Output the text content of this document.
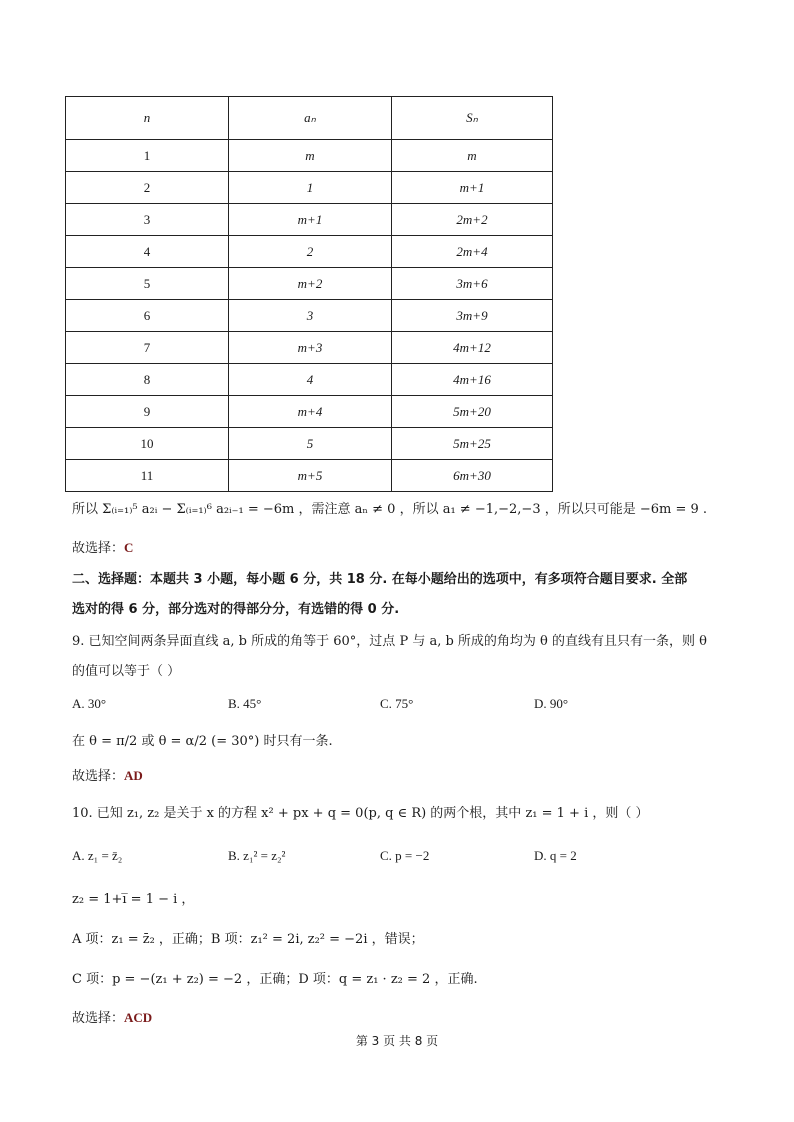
n	aₙ	Sₙ
1	m	m
2	1	m+1
3	m+1	2m+2
4	2	2m+4
5	m+2	3m+6
6	3	3m+9
7	m+3	4m+12
8	4	4m+16
9	m+4	5m+20
10	5	5m+25
11	m+5	6m+30
所以 Σ₍ᵢ₌₁₎⁵ a₂ᵢ − Σ₍ᵢ₌₁₎⁶ a₂ᵢ₋₁ = −6m ，需注意 aₙ ≠ 0 ，所以 a₁ ≠ −1,−2,−3 ，所以只可能是 −6m = 9 .
故选择：C
二、选择题：本题共 3 小题，每小题 6 分，共 18 分. 在每小题给出的选项中，有多项符合题目要求. 全部
选对的得 6 分，部分选对的得部分分，有选错的得 0 分.
9. 已知空间两条异面直线 a, b 所成的角等于 60°，过点 P 与 a, b 所成的角均为 θ 的直线有且只有一条，则 θ
的值可以等于（ ）
A. 30°	B. 45°	C. 75°	D. 90°
在 θ = π/2 或 θ = α/2 (= 30°) 时只有一条.
故选择：AD
10. 已知 z₁, z₂ 是关于 x 的方程 x² + px + q = 0(p, q ∈ R) 的两个根，其中 z₁ = 1 + i ，则（ ）
A. z₁ = z̄₂	B. z₁² = z₂²	C. p = −2	D. q = 2
z₂ = 1+i̅ = 1 − i ，
A 项：z₁ = z̄₂ ，正确；B 项：z₁² = 2i, z₂² = −2i ，错误；
C 项：p = −(z₁ + z₂) = −2 ，正确；D 项：q = z₁ · z₂ = 2 ，正确.
故选择：ACD
第 3 页 共 8 页
